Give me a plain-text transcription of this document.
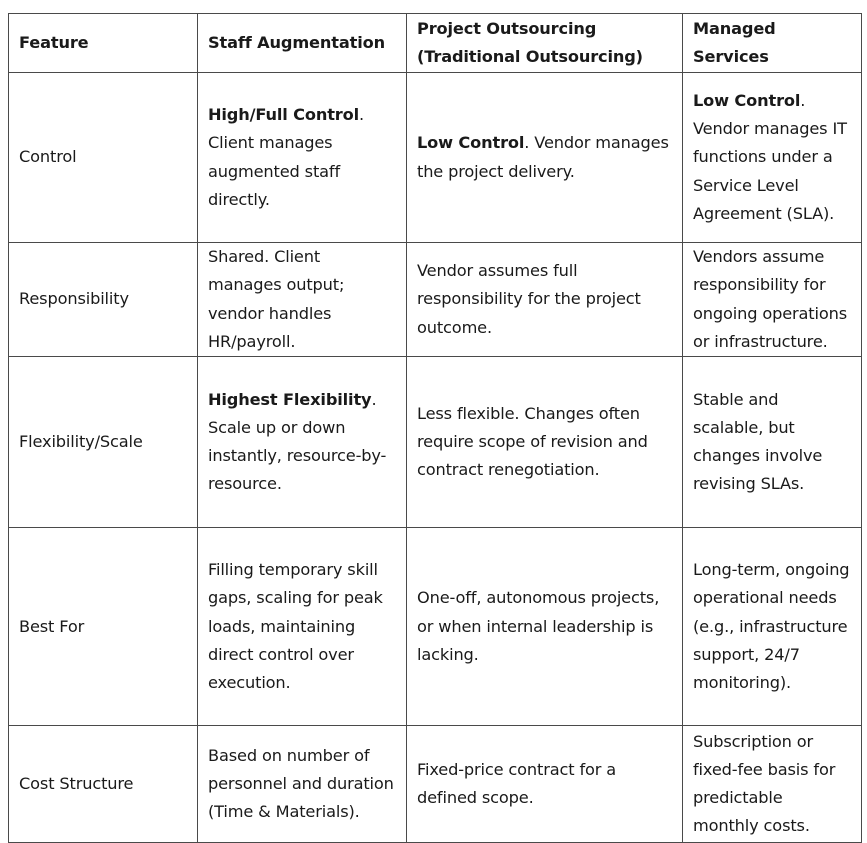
Feature	Staff Augmentation	Project Outsourcing (Traditional Outsourcing)	Managed Services
Control	High/Full Control. Client manages augmented staff directly.	Low Control. Vendor manages the project delivery.	Low Control. Vendor manages IT functions under a Service Level Agreement (SLA).
Responsibility	Shared. Client manages output; vendor handles HR/payroll.	Vendor assumes full responsibility for the project outcome.	Vendors assume responsibility for ongoing operations or infrastructure.
Flexibility/Scale	Highest Flexibility. Scale up or down instantly, resource-by-resource.	Less flexible. Changes often require scope of revision and contract renegotiation.	Stable and scalable, but changes involve revising SLAs.
Best For	Filling temporary skill gaps, scaling for peak loads, maintaining direct control over execution.	One-off, autonomous projects, or when internal leadership is lacking.	Long-term, ongoing operational needs (e.g., infrastructure support, 24/7 monitoring).
Cost Structure	Based on number of personnel and duration (Time & Materials).	Fixed-price contract for a defined scope.	Subscription or fixed-fee basis for predictable monthly costs.
